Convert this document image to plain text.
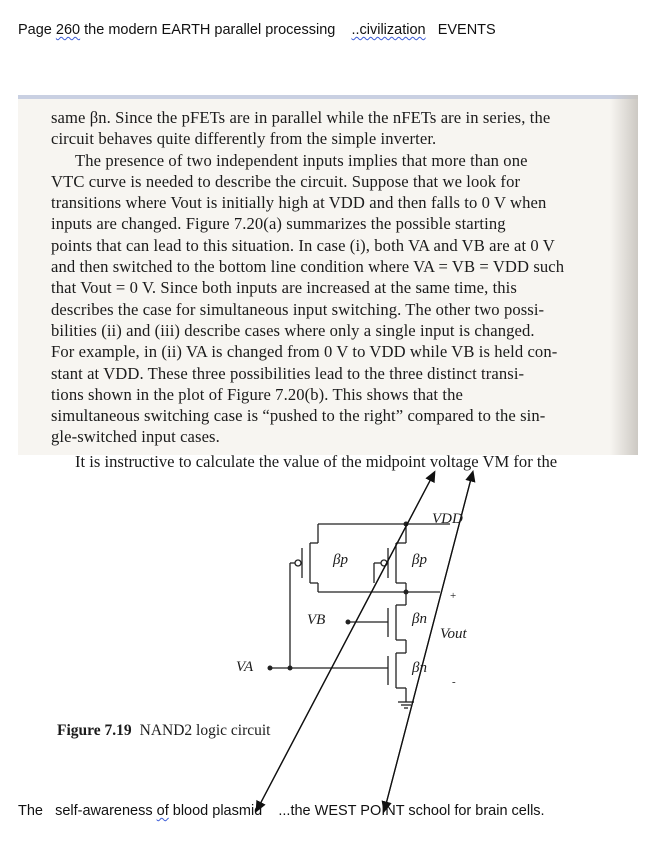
Page 260 the modern EARTH parallel processing ..civilization EVENTS

same βn. Since the pFETs are in parallel while the nFETs are in series, the

circuit behaves quite differently from the simple inverter.

The presence of two independent inputs implies that more than one

VTC curve is needed to describe the circuit. Suppose that we look for

transitions where Vout is initially high at VDD and then falls to 0 V when

inputs are changed. Figure 7.20(a) summarizes the possible starting

points that can lead to this situation. In case (i), both VA and VB are at 0 V

and then switched to the bottom line condition where VA = VB = VDD such

that Vout = 0 V. Since both inputs are increased at the same time, this

describes the case for simultaneous input switching. The other two possi-

bilities (ii) and (iii) describe cases where only a single input is changed.

For example, in (ii) VA is changed from 0 V to VDD while VB is held con-

stant at VDD. These three possibilities lead to the three distinct transi-

tions shown in the plot of Figure 7.20(b). This shows that the

simultaneous switching case is “pushed to the right” compared to the sin-

gle-switched input cases.

It is instructive to calculate the value of the midpoint voltage VM for the
VDD
βp	βp
βn
βn
VB
VA
Vout
+
-
Figure 7.19 NAND2 logic circuit
The self-awareness of blood plasmid ...the WEST POINT school for brain cells.
